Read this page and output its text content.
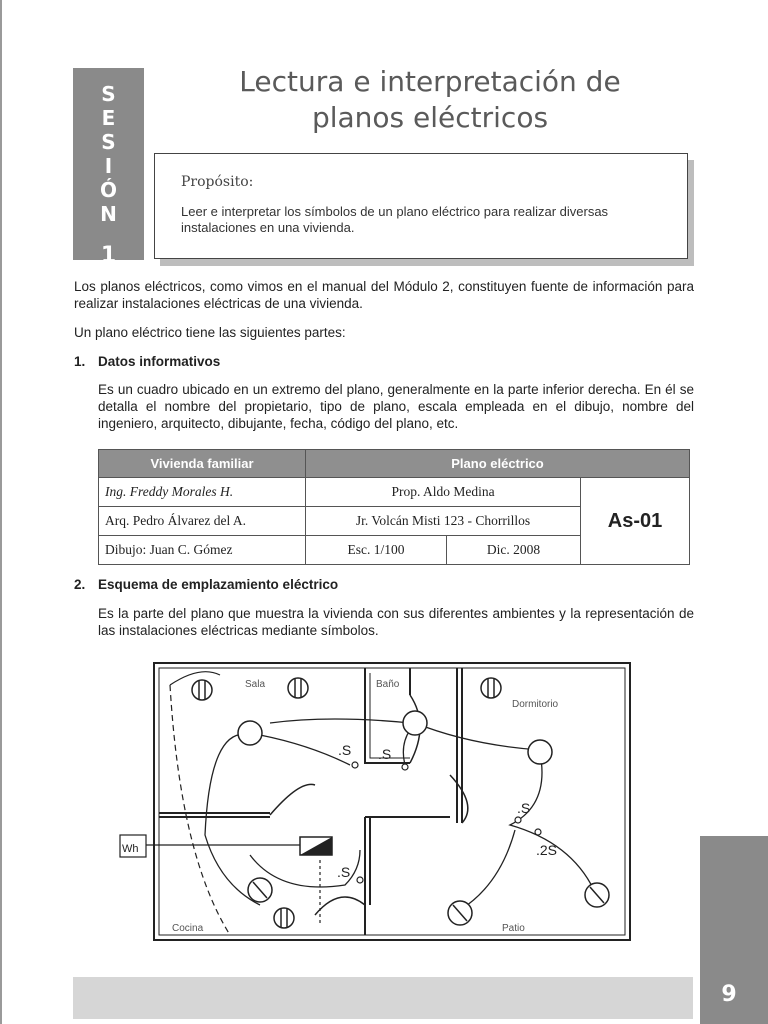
S
E
S
I
Ó
N
1
Lectura e interpretación de
planos eléctricos
Propósito:
Leer e interpretar los símbolos de un plano eléctrico para realizar diversas instalaciones en una vivienda.
Los planos eléctricos, como vimos en el manual del Módulo 2, constituyen fuente de información para realizar instalaciones eléctricas de una vivienda.
Un plano eléctrico tiene las siguientes partes:
1. Datos informativos
Es un cuadro ubicado en un extremo del plano, generalmente en la parte inferior derecha. En él se detalla el nombre del propietario, tipo de plano, escala empleada en el dibujo, nombre del ingeniero, arquitecto, dibujante, fecha, código del plano, etc.
Vivienda familiar	Plano eléctrico		
Ing. Freddy Morales H.	Prop. Aldo Medina		As-01
Arq. Pedro Álvarez del A.	Jr. Volcán Misti 123 - Chorrillos		
Dibujo: Juan C. Gómez	Esc. 1/100	Dic. 2008	
2. Esquema de emplazamiento eléctrico
Es la parte del plano que muestra la vivienda con sus diferentes ambientes y la representación de las instalaciones eléctricas mediante símbolos.
Sala	Baño
Dormitorio
Cocina	Patio
Wh
.S .S
.S
.2S
.S
9
